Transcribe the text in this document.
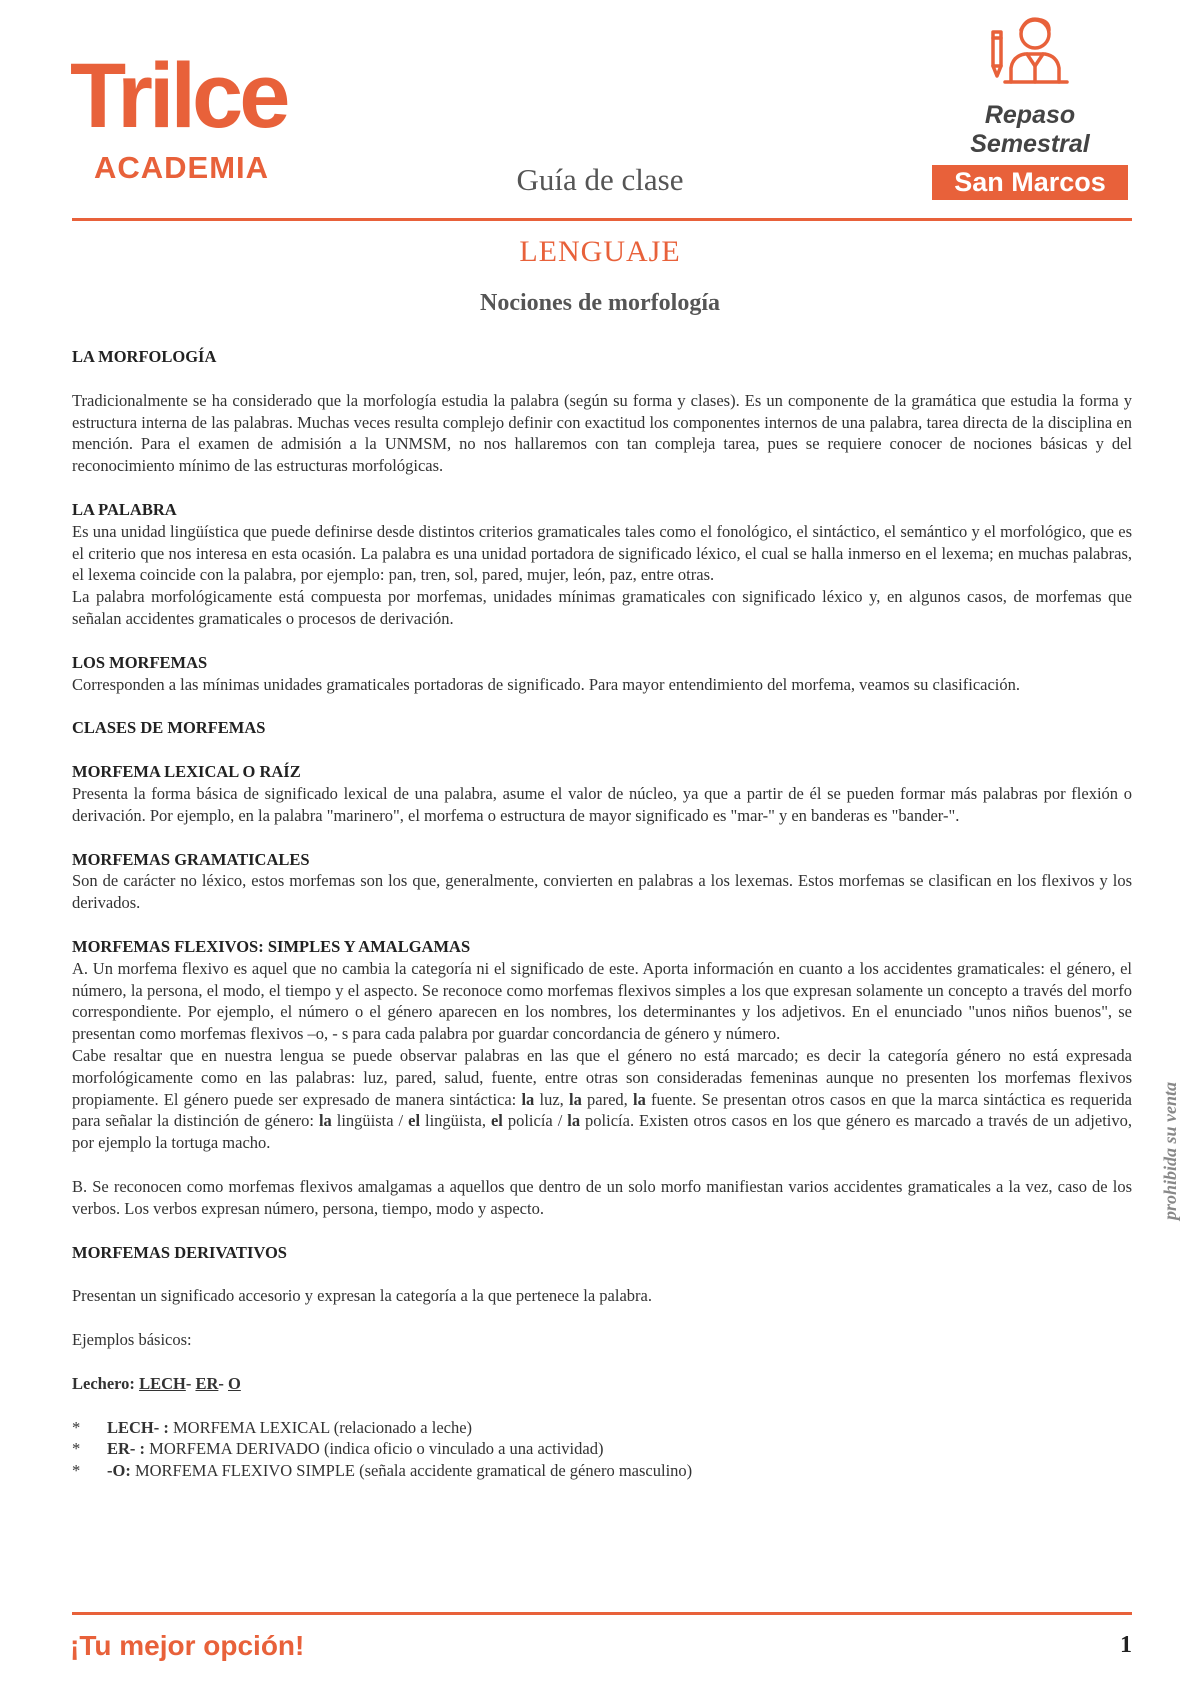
Trilce
ACADEMIA
Repaso Semestral
San Marcos
Guía de clase
LENGUAJE
Nociones de morfología

LA MORFOLOGÍA

Tradicionalmente se ha considerado que la morfología estudia la palabra (según su forma y clases). Es un componente de la gramática que estudia la forma y estructura interna de las palabras. Muchas veces resulta complejo definir con exactitud los componentes internos de una palabra, tarea directa de la disciplina en mención. Para el examen de admisión a la UNMSM, no nos hallaremos con tan compleja tarea, pues se requiere conocer de nociones básicas y del reconocimiento mínimo de las estructuras morfológicas.

LA PALABRA

Es una unidad lingüística que puede definirse desde distintos criterios gramaticales tales como el fonológico, el sintáctico, el semántico y el morfológico, que es el criterio que nos interesa en esta ocasión. La palabra es una unidad portadora de significado léxico, el cual se halla inmerso en el lexema; en muchas palabras, el lexema coincide con la palabra, por ejemplo: pan, tren, sol, pared, mujer, león, paz, entre otras.

La palabra morfológicamente está compuesta por morfemas, unidades mínimas gramaticales con significado léxico y, en algunos casos, de morfemas que señalan accidentes gramaticales o procesos de derivación.

LOS MORFEMAS

Corresponden a las mínimas unidades gramaticales portadoras de significado. Para mayor entendimiento del morfema, veamos su clasificación.

CLASES DE MORFEMAS

MORFEMA LEXICAL O RAÍZ

Presenta la forma básica de significado lexical de una palabra, asume el valor de núcleo, ya que a partir de él se pueden formar más palabras por flexión o derivación. Por ejemplo, en la palabra "marinero", el morfema o estructura de mayor significado es "mar-" y en banderas es "bander-".

MORFEMAS GRAMATICALES

Son de carácter no léxico, estos morfemas son los que, generalmente, convierten en palabras a los lexemas. Estos morfemas se clasifican en los flexivos y los derivados.

MORFEMAS FLEXIVOS: SIMPLES Y AMALGAMAS

A. Un morfema flexivo es aquel que no cambia la categoría ni el significado de este. Aporta información en cuanto a los accidentes gramaticales: el género, el número, la persona, el modo, el tiempo y el aspecto. Se reconoce como morfemas flexivos simples a los que expresan solamente un concepto a través del morfo correspondiente. Por ejemplo, el número o el género aparecen en los nombres, los determinantes y los adjetivos. En el enunciado "unos niños buenos", se presentan como morfemas flexivos –o, - s para cada palabra por guardar concordancia de género y número.

Cabe resaltar que en nuestra lengua se puede observar palabras en las que el género no está marcado; es decir la categoría género no está expresada morfológicamente como en las palabras: luz, pared, salud, fuente, entre otras son consideradas femeninas aunque no presenten los morfemas flexivos propiamente. El género puede ser expresado de manera sintáctica: la luz, la pared, la fuente. Se presentan otros casos en que la marca sintáctica es requerida para señalar la distinción de género: la lingüista / el lingüista, el policía / la policía. Existen otros casos en los que género es marcado a través de un adjetivo, por ejemplo la tortuga macho.

B. Se reconocen como morfemas flexivos amalgamas a aquellos que dentro de un solo morfo manifiestan varios accidentes gramaticales a la vez, caso de los verbos. Los verbos expresan número, persona, tiempo, modo y aspecto.

MORFEMAS DERIVATIVOS

Presentan un significado accesorio y expresan la categoría a la que pertenece la palabra.

Ejemplos básicos:

Lechero: LECH- ER- O

*	LECH- : MORFEMA LEXICAL (relacionado a leche)
*	ER- : MORFEMA DERIVADO (indica oficio o vinculado a una actividad)
*	-O: MORFEMA FLEXIVO SIMPLE (señala accidente gramatical de género masculino)
prohibida su venta
¡Tu mejor opción!	1
